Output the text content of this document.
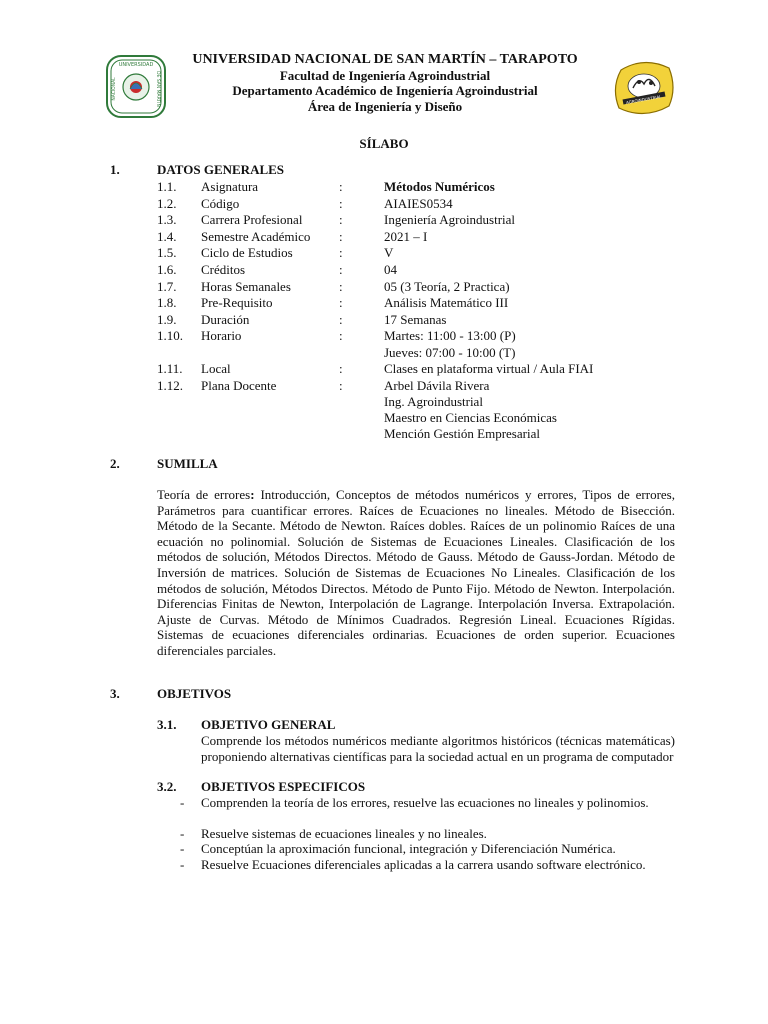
UNIVERSIDAD
NACIONAL	DE SAN MARTÍN
UNIVERSIDAD NACIONAL DE SAN MARTÍN – TARAPOTO
Facultad de Ingeniería Agroindustrial
Departamento Académico de Ingeniería Agroindustrial
Área de Ingeniería y Diseño	AGROINDUSTRIAL
SÍLABO
1.	DATOS GENERALES
1.1. Asignatura	:	Métodos Numéricos
1.2. Código	:	AIAIES0534
1.3. Carrera Profesional	:	Ingeniería Agroindustrial
1.4. Semestre Académico :	2021 – I
1.5. Ciclo de Estudios	:	V
1.6. Créditos	:	04
1.7. Horas Semanales	:	05 (3 Teoría, 2 Practica)
1.8. Pre-Requisito	:	Análisis Matemático III
1.9. Duración	:	17 Semanas
1.10. Horario	:	Martes: 11:00 - 13:00 (P)
Jueves: 07:00 - 10:00 (T)
1.11. Local	:	Clases en plataforma virtual / Aula FIAI
1.12. Plana Docente	:	Arbel Dávila Rivera
Ing. Agroindustrial
Maestro en Ciencias Económicas
Mención Gestión Empresarial
2.	SUMILLA
Teoría de errores: Introducción, Conceptos de métodos numéricos y errores, Tipos de errores, Parámetros para cuantificar errores. Raíces de Ecuaciones no lineales. Método de Bisección. Método de la Secante. Método de Newton. Raíces dobles. Raíces de un polinomio Raíces de una ecuación no polinomial. Solución de Sistemas de Ecuaciones Lineales. Clasificación de los métodos de solución, Métodos Directos. Método de Gauss. Método de Gauss-Jordan. Método de Inversión de matrices. Solución de Sistemas de Ecuaciones No Lineales. Clasificación de los métodos de solución, Métodos Directos. Método de Punto Fijo. Método de Newton. Interpolación. Diferencias Finitas de Newton, Interpolación de Lagrange. Interpolación Inversa. Extrapolación. Ajuste de Curvas. Método de Mínimos Cuadrados. Regresión Lineal. Ecuaciones Rígidas. Sistemas de ecuaciones diferenciales ordinarias. Ecuaciones de orden superior. Ecuaciones diferenciales parciales.
3.	OBJETIVOS
3.1. OBJETIVO GENERAL
Comprende los métodos numéricos mediante algoritmos históricos (técnicas matemáticas) proponiendo alternativas científicas para la sociedad actual en un programa de computador
3.2. OBJETIVOS ESPECIFICOS
- Comprenden la teoría de los errores, resuelve las ecuaciones no lineales y polinomios.
- Resuelve sistemas de ecuaciones lineales y no lineales.
- Conceptúan la aproximación funcional, integración y Diferenciación Numérica.
- Resuelve Ecuaciones diferenciales aplicadas a la carrera usando software electrónico.
